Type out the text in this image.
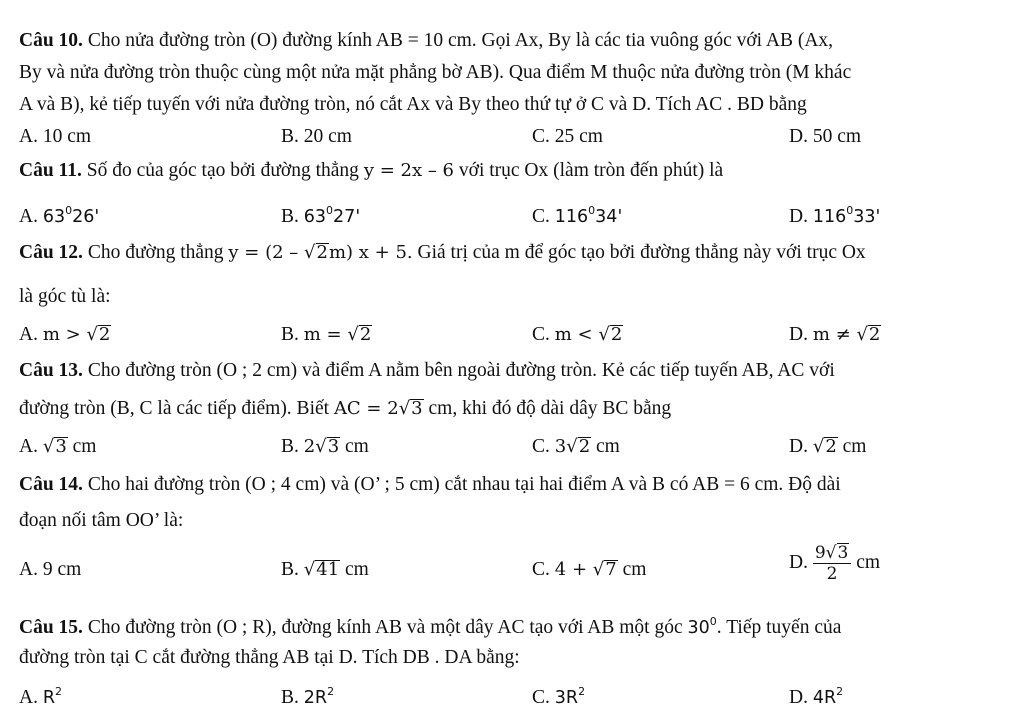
Câu 10. Cho nửa đường tròn (O) đường kính AB = 10 cm. Gọi Ax, By là các tia vuông góc với AB (Ax,
By và nửa đường tròn thuộc cùng một nửa mặt phẳng bờ AB). Qua điểm M thuộc nửa đường tròn (M khác
A và B), kẻ tiếp tuyến với nửa đường tròn, nó cắt Ax và By theo thứ tự ở C và D. Tích AC . BD bằng
A. 10 cm	B. 20 cm	C. 25 cm	D. 50 cm
Câu 11. Số đo của góc tạo bởi đường thẳng y = 2x – 6 với trục Ox (làm tròn đến phút) là
A. $63^026'$	B. $63^027'$	C. $116^034'$	D. $116^033'$
Câu 12. Cho đường thẳng y = (2 – √2m) x + 5. Giá trị của m để góc tạo bởi đường thẳng này với trục Ox
là góc tù là:
A. m > √2	B. m = √2	C. m < √2	D. m ≠ √2
Câu 13. Cho đường tròn (O ; 2 cm) và điểm A nằm bên ngoài đường tròn. Kẻ các tiếp tuyến AB, AC với
đường tròn (B, C là các tiếp điểm). Biết AC = 2√3 cm, khi đó độ dài dây BC bằng
A. √3 cm	B. 2√3 cm	C. 3√2 cm	D. √2 cm
Câu 14. Cho hai đường tròn (O ; 4 cm) và (O’ ; 5 cm) cắt nhau tại hai điểm A và B có AB = 6 cm. Độ dài
đoạn nối tâm OO’ là:
A. 9 cm	B. √41 cm	C. 4 + √7 cm	D. $\frac{9√3}{2}$ cm
Câu 15. Cho đường tròn (O ; R), đường kính AB và một dây AC tạo với AB một góc $30^0$. Tiếp tuyến của
đường tròn tại C cắt đường thẳng AB tại D. Tích DB . DA bằng:
A. $R^2$	B. $2R^2$	C. $3R^2$	D. $4R^2$
